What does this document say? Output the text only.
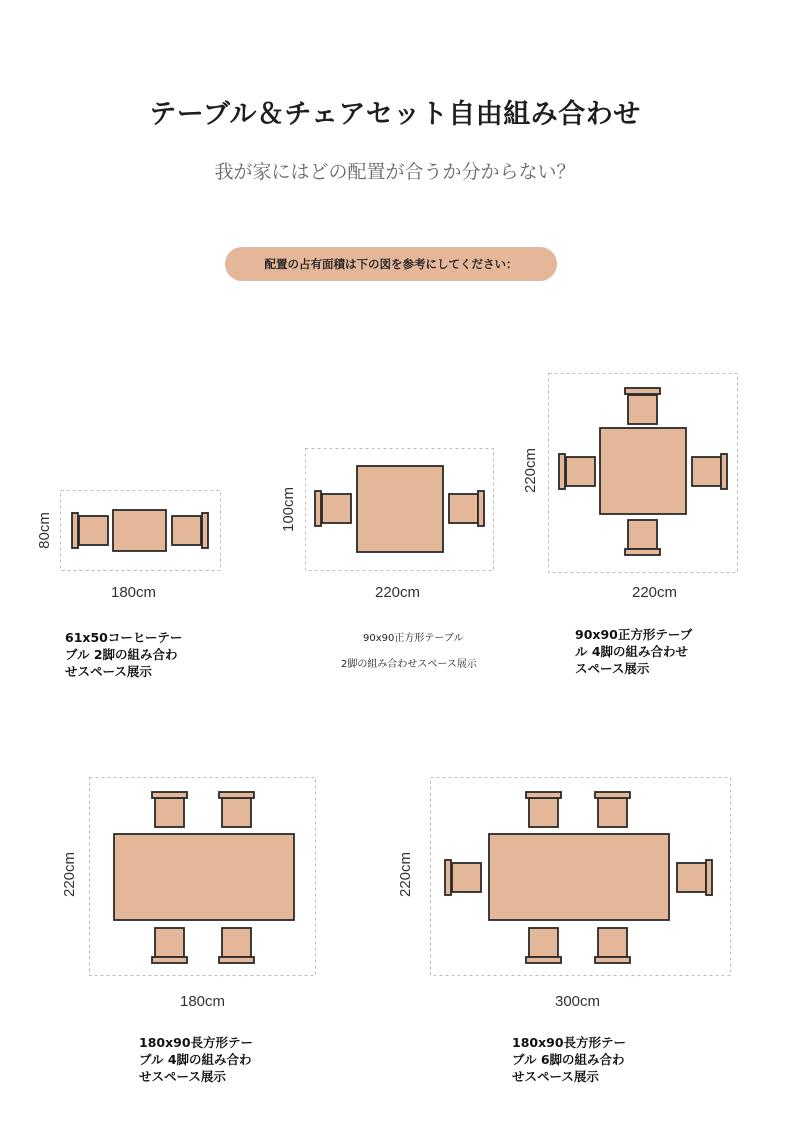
テーブル＆チェアセット自由組み合わせ
我が家にはどの配置が合うか分からない？
配置の占有面積は下の図を参考にしてください：
180cm
80cm
220cm
100cm
220cm
220cm
180cm
220cm
300cm
220cm
61x50コーヒーテー
ブル 2脚の組み合わ
せスペース展示
90x90正方形テーブル
2脚の組み合わせスペース展示
90x90正方形テーブ
ル 4脚の組み合わせ
スペース展示
180x90長方形テー
ブル 4脚の組み合わ
せスペース展示
180x90長方形テー
ブル 6脚の組み合わ
せスペース展示
